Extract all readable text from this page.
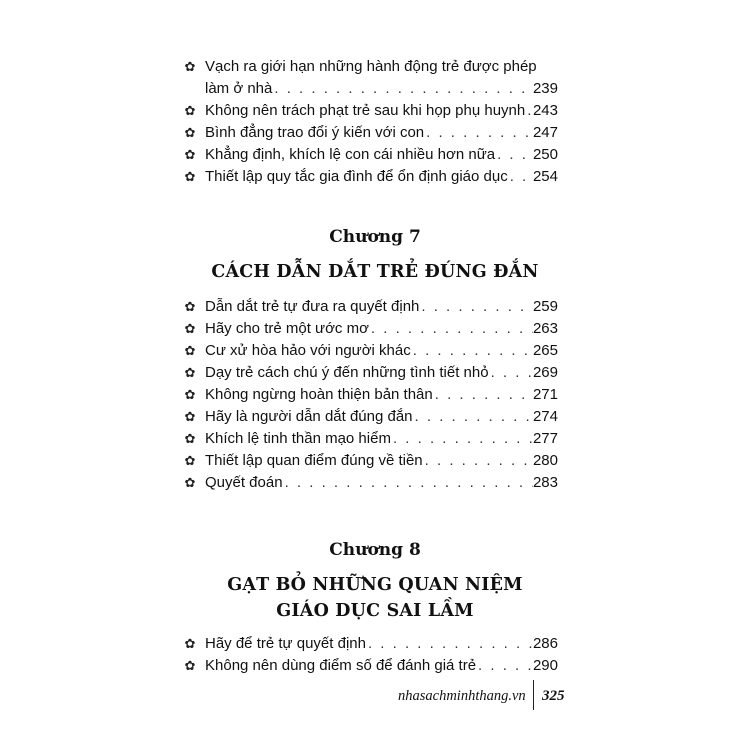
✿ Vạch ra giới hạn những hành động trẻ được phép
làm ở nhà . . .	239
✿ Không nên trách phạt trẻ sau khi họp phụ huynh . . . 243
✿ Bình đẳng trao đổi ý kiến với con . . .	247
✿ Khẳng định, khích lệ con cái nhiều hơn nữa . . .	250
✿ Thiết lập quy tắc gia đình để ổn định giáo dục . . . 254
Chương 7
CÁCH DẪN DẮT TRẺ ĐÚNG ĐẮN
✿ Dẫn dắt trẻ tự đưa ra quyết định . . .	259
✿ Hãy cho trẻ một ước mơ . . .	263
✿ Cư xử hòa hảo với người khác . . .	265
✿ Dạy trẻ cách chú ý đến những tình tiết nhỏ . . .	269
✿ Không ngừng hoàn thiện bản thân . . .	271
✿ Hãy là người dẫn dắt đúng đắn . . .	274
✿ Khích lệ tinh thần mạo hiểm . . .	277
✿ Thiết lập quan điểm đúng về tiền . . .	280
✿ Quyết đoán . . .	283
Chương 8
GẠT BỎ NHỮNG QUAN NIỆM
GIÁO DỤC SAI LẦM
✿ Hãy để trẻ tự quyết định . . .	286
✿ Không nên dùng điểm số để đánh giá trẻ . . .	290
nhasachminhthang.vn 325
